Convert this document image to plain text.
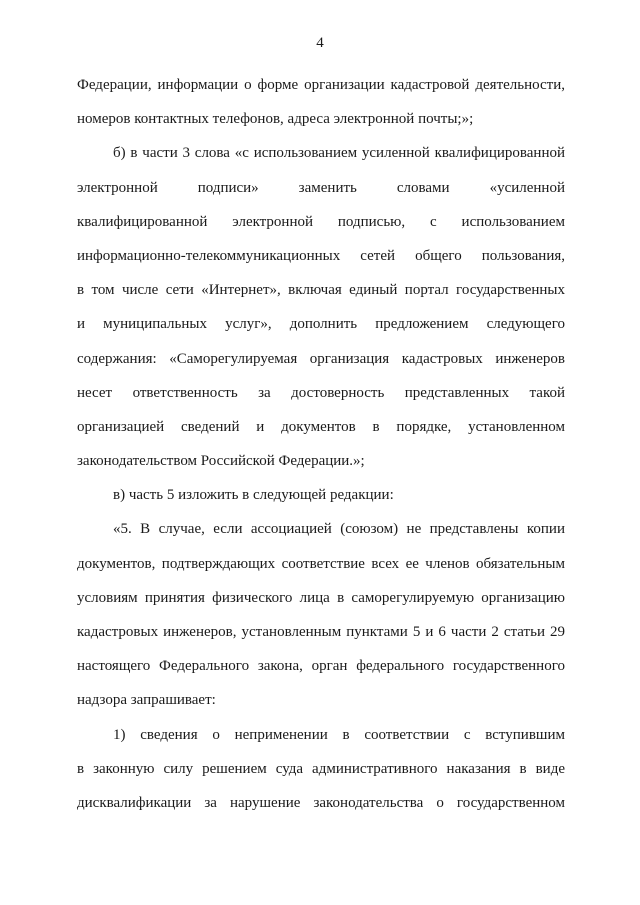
4
Федерации, информации о форме организации кадастровой деятельности,
номеров контактных телефонов, адреса электронной почты;»;
б) в части 3 слова «с использованием усиленной квалифицированной
электронной подписи» заменить словами «усиленной
квалифицированной электронной подписью, с использованием
информационно-телекоммуникационных сетей общего пользования,
в том числе сети «Интернет», включая единый портал государственных
и муниципальных услуг», дополнить предложением следующего
содержания: «Саморегулируемая организация кадастровых инженеров
несет ответственность за достоверность представленных такой
организацией сведений и документов в порядке, установленном
законодательством Российской Федерации.»;
в) часть 5 изложить в следующей редакции:
«5. В случае, если ассоциацией (союзом) не представлены копии
документов, подтверждающих соответствие всех ее членов обязательным
условиям принятия физического лица в саморегулируемую организацию
кадастровых инженеров, установленным пунктами 5 и 6 части 2 статьи 29
настоящего Федерального закона, орган федерального государственного
надзора запрашивает:
1) сведения о неприменении в соответствии с вступившим
в законную силу решением суда административного наказания в виде
дисквалификации за нарушение законодательства о государственном
